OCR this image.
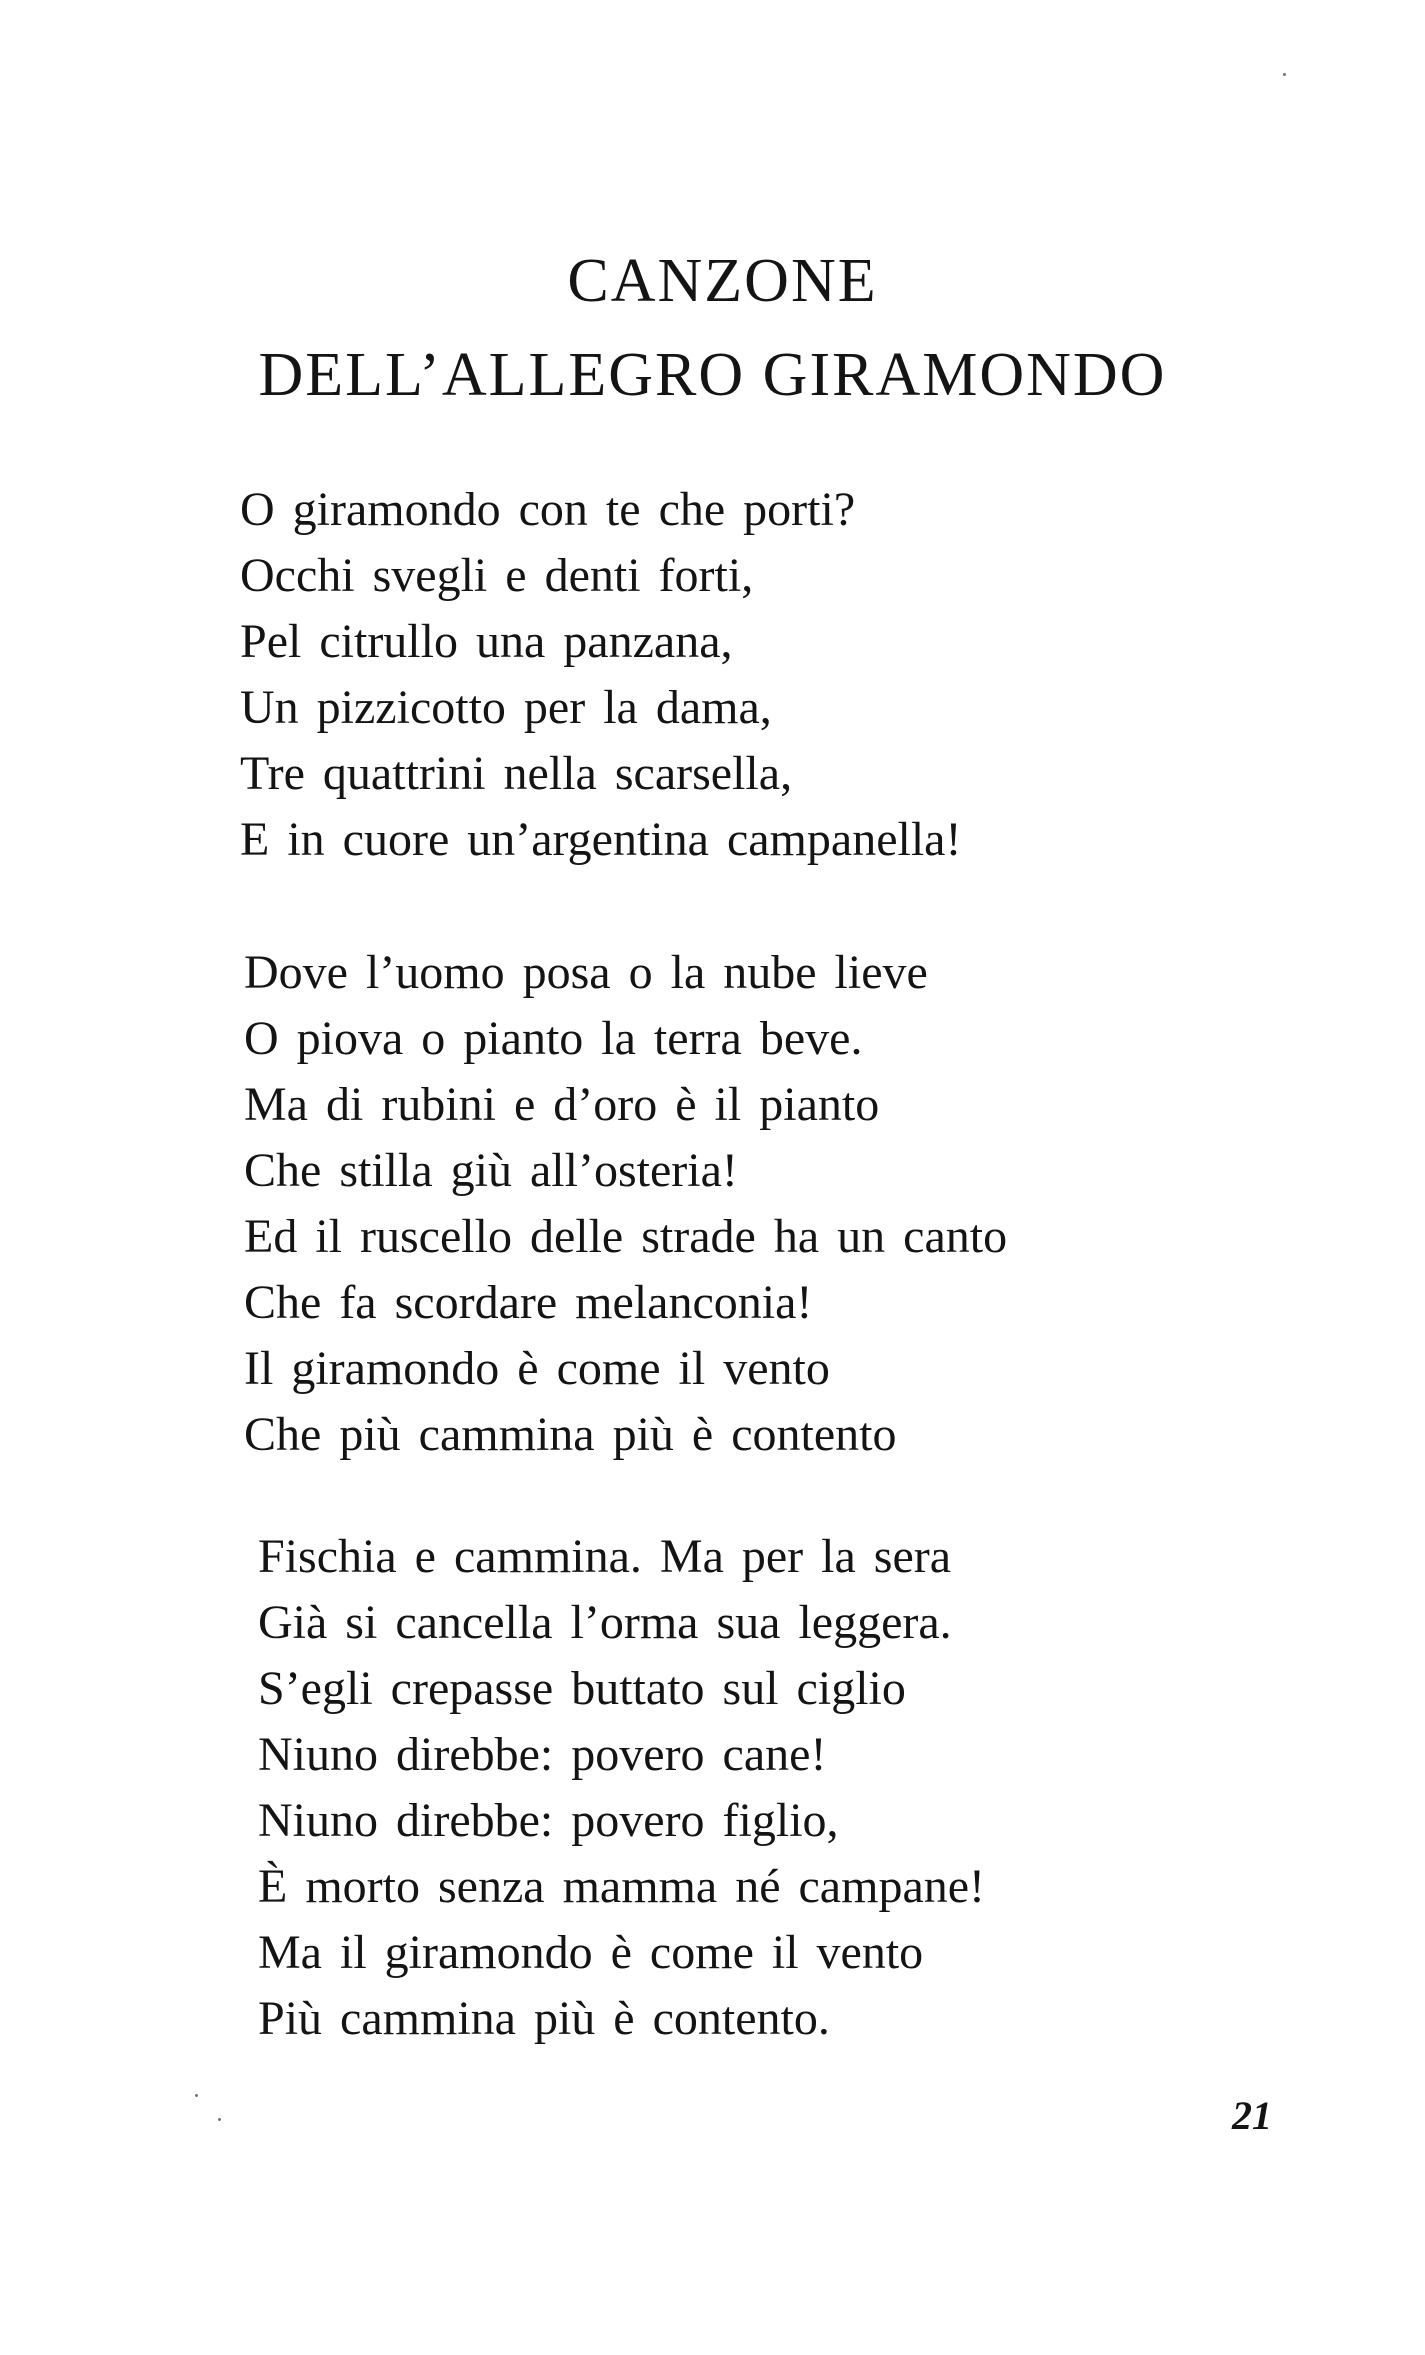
CANZONE
DELL’ALLEGRO GIRAMONDO
O giramondo con te che porti?
Occhi svegli e denti forti,
Pel citrullo una panzana,
Un pizzicotto per la dama,
Tre quattrini nella scarsella,
E in cuore un’argentina campanella!
Dove l’uomo posa o la nube lieve
O piova o pianto la terra beve.
Ma di rubini e d’oro è il pianto
Che stilla giù all’osteria!
Ed il ruscello delle strade ha un canto
Che fa scordare melanconia!
Il giramondo è come il vento
Che più cammina più è contento
Fischia e cammina. Ma per la sera
Già si cancella l’orma sua leggera.
S’egli crepasse buttato sul ciglio
Niuno direbbe: povero cane!
Niuno direbbe: povero figlio,
È morto senza mamma né campane!
Ma il giramondo è come il vento
Più cammina più è contento.
21
